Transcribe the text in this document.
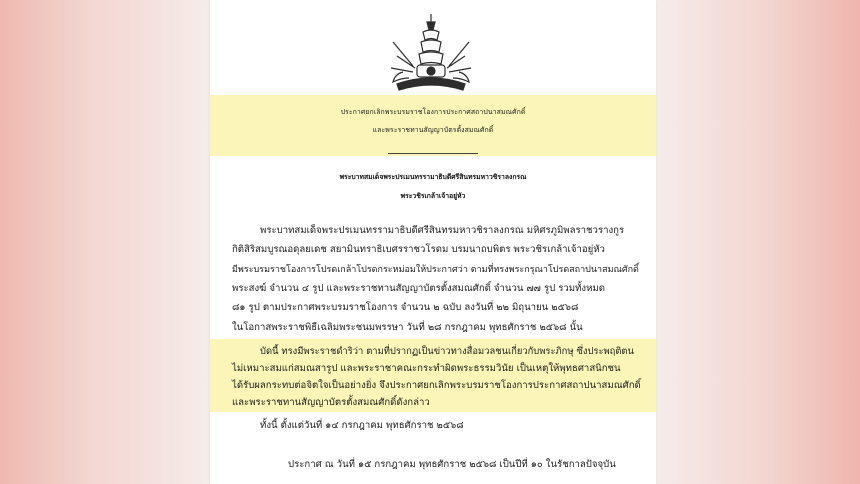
ประกาศยกเลิกพระบรมราชโองการประกาศสถาปนาสมณศักดิ์
และพระราชทานสัญญาบัตรตั้งสมณศักดิ์
พระบาทสมเด็จพระปรเมนทรรามาธิบดีศรีสินทรมหาวชิราลงกรณ
พระวชิรเกล้าเจ้าอยู่หัว
พระบาทสมเด็จพระปรเมนทรรามาธิบดีศรีสินทรมหาวชิราลงกรณ มหิศรภูมิพลราชวรางกูร
กิติสิริสมบูรณอดุลยเดช สยามินทราธิเบศรราชวโรดม บรมนาถบพิตร พระวชิรเกล้าเจ้าอยู่หัว
มีพระบรมราชโองการโปรดเกล้าโปรดกระหม่อมให้ประกาศว่า ตามที่ทรงพระกรุณาโปรดสถาปนาสมณศักดิ์
พระสงฆ์ จำนวน ๔ รูป และพระราชทานสัญญาบัตรตั้งสมณศักดิ์ จำนวน ๗๗ รูป รวมทั้งหมด
๘๑ รูป ตามประกาศพระบรมราชโองการ จำนวน ๒ ฉบับ ลงวันที่ ๒๒ มิถุนายน ๒๕๖๘
ในโอกาสพระราชพิธีเฉลิมพระชนมพรรษา วันที่ ๒๘ กรกฎาคม พุทธศักราช ๒๕๖๘ นั้น
บัดนี้ ทรงมีพระราชดำริว่า ตามที่ปรากฏเป็นข่าวทางสื่อมวลชนเกี่ยวกับพระภิกษุ ซึ่งประพฤติตน
ไม่เหมาะสมแก่สมณสารูป และพระราชาคณะกระทำผิดพระธรรมวินัย เป็นเหตุให้พุทธศาสนิกชน
ได้รับผลกระทบต่อจิตใจเป็นอย่างยิ่ง จึงประกาศยกเลิกพระบรมราชโองการประกาศสถาปนาสมณศักดิ์
และพระราชทานสัญญาบัตรตั้งสมณศักดิ์ดังกล่าว
ทั้งนี้ ตั้งแต่วันที่ ๑๔ กรกฎาคม พุทธศักราช ๒๕๖๘
ประกาศ ณ วันที่ ๑๕ กรกฎาคม พุทธศักราช ๒๕๖๘ เป็นปีที่ ๑๐ ในรัชกาลปัจจุบัน
